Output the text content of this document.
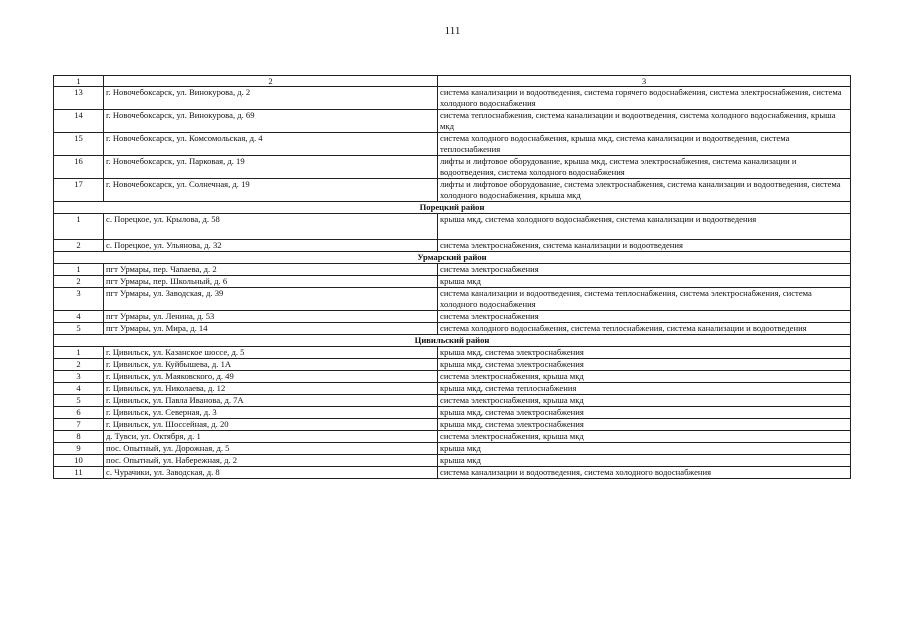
111
1	2	3
13	г. Новочебоксарск, ул. Винокурова, д. 2	система канализации и водоотведения, система горячего водоснабжения, система электроснабжения, система холодного водоснабжения
14	г. Новочебоксарск, ул. Винокурова, д. 69	система теплоснабжения, система канализации и водоотведения, система холодного водоснабжения, крыша мкд
15	г. Новочебоксарск, ул. Комсомольская, д. 4	система холодного водоснабжения, крыша мкд, система канализации и водоотведения, система теплоснабжения
16	г. Новочебоксарск, ул. Парковая, д. 19	лифты и лифтовое оборудование, крыша мкд, система электроснабжения, система канализации и водоотведения, система холодного водоснабжения
17	г. Новочебоксарск, ул. Солнечная, д. 19	лифты и лифтовое оборудование, система электроснабжения, система канализации и водоотведения, система холодного водоснабжения, крыша мкд
Порецкий район		
1	с. Порецкое, ул. Крылова, д. 58	крыша мкд, система холодного водоснабжения, система канализации и водоотведения
2	с. Порецкое, ул. Ульянова, д. 32	система электроснабжения, система канализации и водоотведения
Урмарский район		
1	пгт Урмары, пер. Чапаева, д. 2	система электроснабжения
2	пгт Урмары, пер. Школьный, д. 6	крыша мкд
3	пгт Урмары, ул. Заводская, д. 39	система канализации и водоотведения, система теплоснабжения, система электроснабжения, система холодного водоснабжения
4	пгт Урмары, ул. Ленина, д. 53	система электроснабжения
5	пгт Урмары, ул. Мира, д. 14	система холодного водоснабжения, система теплоснабжения, система канализации и водоотведения
Цивильский район		
1	г. Цивильск, ул. Казанское шоссе, д. 5	крыша мкд, система электроснабжения
2	г. Цивильск, ул. Куйбышева, д. 1А	крыша мкд, система электроснабжения
3	г. Цивильск, ул. Маяковского, д. 49	система электроснабжения, крыша мкд
4	г. Цивильск, ул. Николаева, д. 12	крыша мкд, система теплоснабжения
5	г. Цивильск, ул. Павла Иванова, д. 7А	система электроснабжения, крыша мкд
6	г. Цивильск, ул. Северная, д. 3	крыша мкд, система электроснабжения
7	г. Цивильск, ул. Шоссейная, д. 20	крыша мкд, система электроснабжения
8	д. Тувси, ул. Октября, д. 1	система электроснабжения, крыша мкд
9	пос. Опытный, ул. Дорожная, д. 5	крыша мкд
10	пос. Опытный, ул. Набережная, д. 2	крыша мкд
11	с. Чурачики, ул. Заводская, д. 8	система канализации и водоотведения, система холодного водоснабжения
